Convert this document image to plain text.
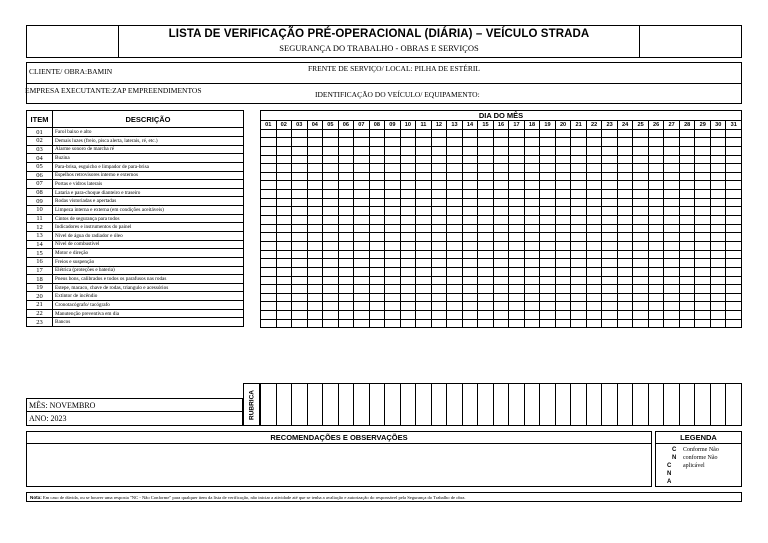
LISTA DE VERIFICAÇÃO PRÉ-OPERACIONAL (DIÁRIA) – VEÍCULO STRADA
SEGURANÇA DO TRABALHO - OBRAS E SERVIÇOS
CLIENTE/ OBRA:BAMIN	FRENTE DE SERVIÇO/ LOCAL: PILHA DE ESTÉRIL
EMPRESA EXECUTANTE:ZAP EMPREENDIMENTOS	IDENTIFICAÇÃO DO VEÍCULO/ EQUIPAMENTO:
ITEM	DESCRIÇÃO
01	Farol baixo e alto
02	Demais luzes (freio, pisca alerta, laterais, ré, etc.)
03	Alarme sonoro de marcha ré
04	Buzina
05	Para-brisa, esguicho e limpador de para-brisa
06	Espelhos retrovisores interno e externos
07	Portas e vidros laterais
08	Lataria e para-choque dianteiro e traseiro
09	Rodas vistoriadas e apertadas
10	Limpeza interna e externa (em condições aceitáveis)
11	Cintos de segurança para todos
12	Indicadores e instrumentos do painel
13	Nível de água do radiador e óleo
14	Nível de combustível
15	Motor e direção
16	Freios e suspenção
17	Elétrica (proteções e bateria)
18	Pneus bons, calibrados e todos os parafusos nas rodas
19	Estepe, macaco, chave de rodas, triangulo e acessórios
20	Extintor de incêndio
21	Cronotacógrafo/ tacógrafo
22	Manutenção preventiva em dia
23	Bancos
DIA DO MÊS																														
01	02	03	04	05	06	07	08	09	10	11	12	13	14	15	16	17	18	19	20	21	22	23	24	25	26	27	28	29	30	31

RUBRICA

MÊS: NOVEMBRO
ANO: 2023
RECOMENDAÇÕES E OBSERVAÇÕES	LEGENDA
C Conforme Não
N conforme Não
C aplicável
N
A
Nota: Em caso de dúvida, ou se houver uma resposta "NC - Não Conforme" para qualquer item da lista de verificação, não iniciar a atividade até que se tenha a avaliação e autorização do responsável pela Segurança do Trabalho de obra.
